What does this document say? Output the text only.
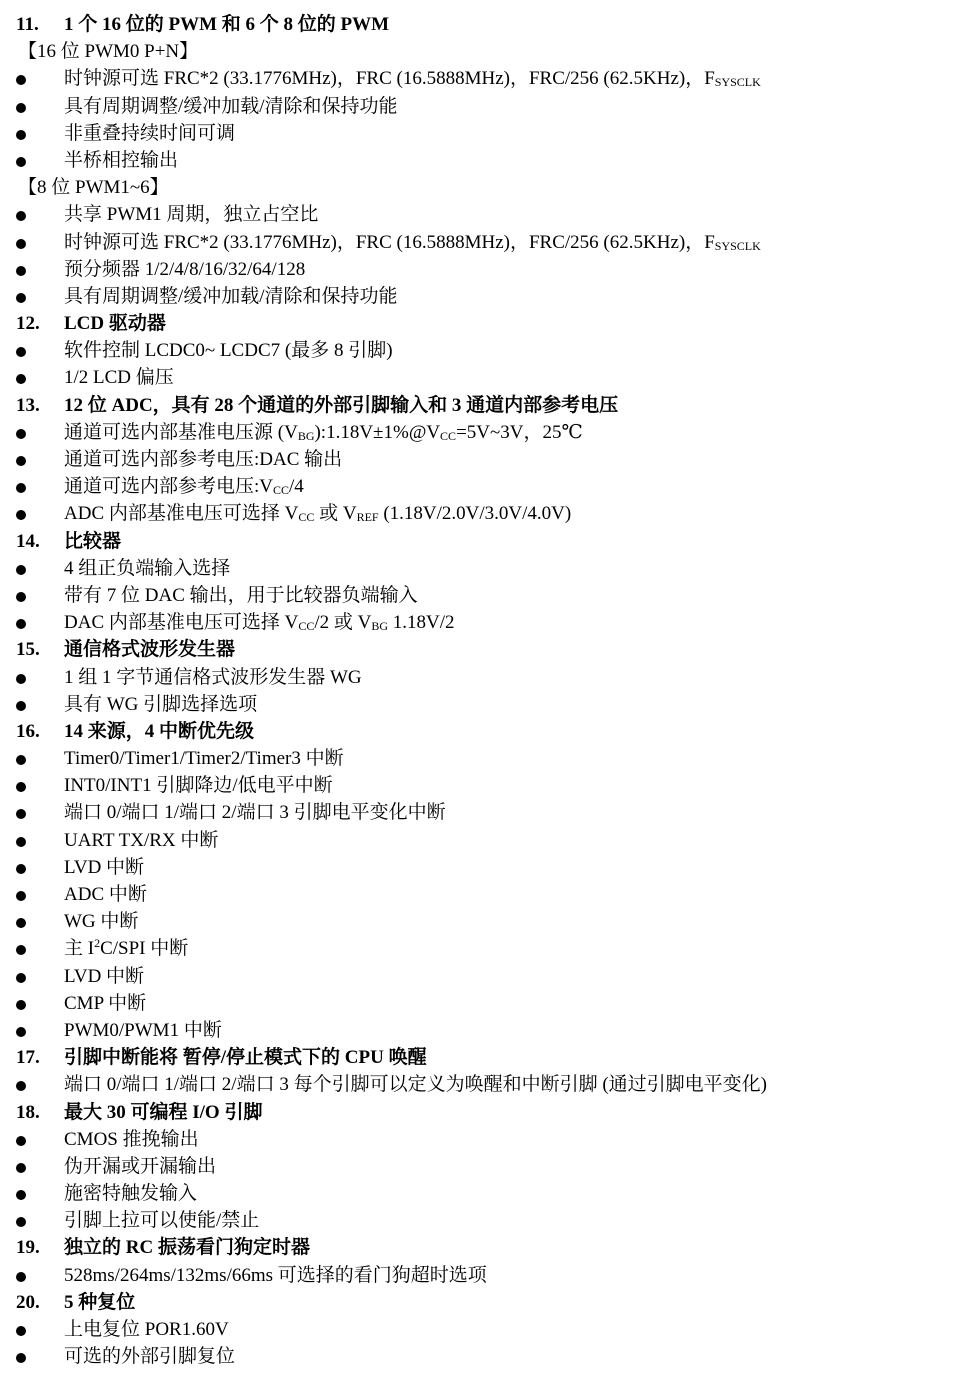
11. 1 个 16 位的 PWM 和 6 个 8 位的 PWM
【16 位 PWM0 P+N】
时钟源可选 FRC*2 (33.1776MHz)，FRC (16.5888MHz)，FRC/256 (62.5KHz)，$F_{SYSCLK}$
具有周期调整/缓冲加载/清除和保持功能
非重叠持续时间可调
半桥相控输出
【8 位 PWM1~6】
共享 PWM1 周期，独立占空比
时钟源可选 FRC*2 (33.1776MHz)，FRC (16.5888MHz)，FRC/256 (62.5KHz)，$F_{SYSCLK}$
预分频器 1/2/4/8/16/32/64/128
具有周期调整/缓冲加载/清除和保持功能
12. LCD 驱动器
软件控制 LCDC0~ LCDC7 (最多 8 引脚)
1/2 LCD 偏压
13. 12 位 ADC，具有 28 个通道的外部引脚输入和 3 通道内部参考电压
通道可选内部基准电压源 $(V_{BG}):1.18V\pm 1\%@V_{CC}=5V\sim 3V$，25℃
通道可选内部参考电压:DAC 输出
通道可选内部参考电压$:V_{CC}/4$
ADC 内部基准电压可选择 $V_{CC}$ 或 $V_{REF}$ (1.18V/2.0V/3.0V/4.0V)
14. 比较器
4 组正负端输入选择
带有 7 位 DAC 输出，用于比较器负端输入
DAC 内部基准电压可选择 $V_{CC}/2$ 或 $V_{BG}$ 1.18V/2
15. 通信格式波形发生器
1 组 1 字节通信格式波形发生器 WG
具有 WG 引脚选择选项
16. 14 来源，4 中断优先级
Timer0/Timer1/Timer2/Timer3 中断
INT0/INT1 引脚降边/低电平中断
端口 0/端口 1/端口 2/端口 3 引脚电平变化中断
UART TX/RX 中断
LVD 中断
ADC 中断
WG 中断
主 $I^2C$/SPI 中断
LVD 中断
CMP 中断
PWM0/PWM1 中断
17. 引脚中断能将 暂停/停止模式下的 CPU 唤醒
端口 0/端口 1/端口 2/端口 3 每个引脚可以定义为唤醒和中断引脚 (通过引脚电平变化)
18. 最大 30 可编程 I/O 引脚
CMOS 推挽输出
伪开漏或开漏输出
施密特触发输入
引脚上拉可以使能/禁止
19. 独立的 RC 振荡看门狗定时器
528ms/264ms/132ms/66ms 可选择的看门狗超时选项
20. 5 种复位
上电复位 POR1.60V
可选的外部引脚复位
